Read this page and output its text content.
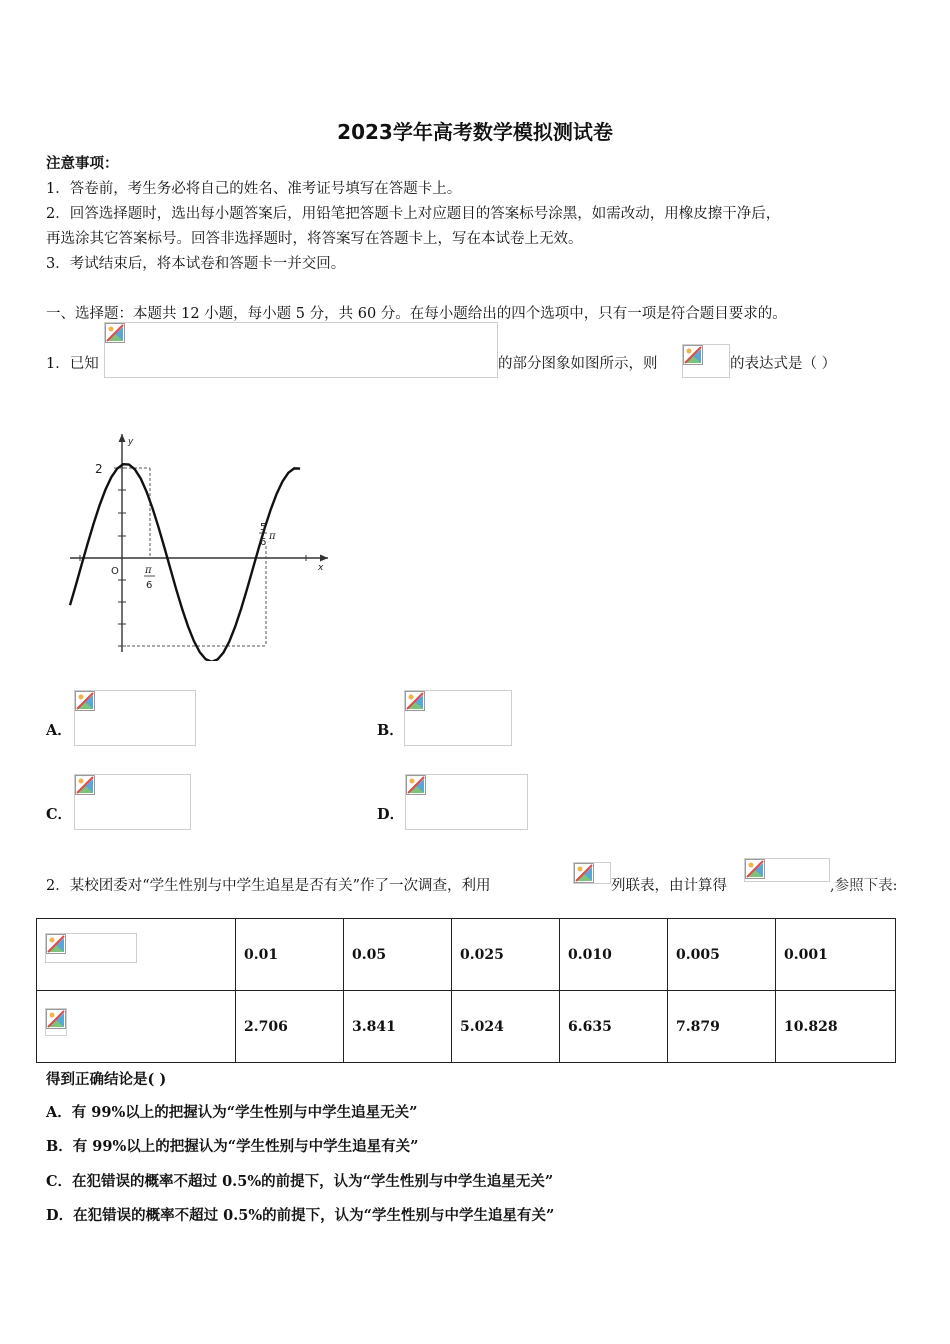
2023学年高考数学模拟测试卷
注意事项：
1．答卷前，考生务必将自己的姓名、准考证号填写在答题卡上。
2．回答选择题时，选出每小题答案后，用铅笔把答题卡上对应题目的答案标号涂黑，如需改动，用橡皮擦干净后，
再选涂其它答案标号。回答非选择题时，将答案写在答题卡上，写在本试卷上无效。
3．考试结束后，将本试卷和答题卡一并交回。
一、选择题：本题共 12 小题，每小题 5 分，共 60 分。在每小题给出的四个选项中，只有一项是符合题目要求的。
1．已知	的部分图象如图所示，则	的表达式是（ ）
2
y
x
O	π
6
5
6
π
A．	B．
C．	D．
2．某校团委对“学生性别与中学生追星是否有关”作了一次调查，利用	列联表，由计算得	,参照下表:
	0.01	0.05	0.025	0.010	0.005	0.001

	2.706	3.841	5.024	6.635	7.879	10.828
得到正确结论是( )
A．有 99%以上的把握认为“学生性别与中学生追星无关”
B．有 99%以上的把握认为“学生性别与中学生追星有关”
C．在犯错误的概率不超过 0.5%的前提下，认为“学生性别与中学生追星无关”
D．在犯错误的概率不超过 0.5%的前提下，认为“学生性别与中学生追星有关”
